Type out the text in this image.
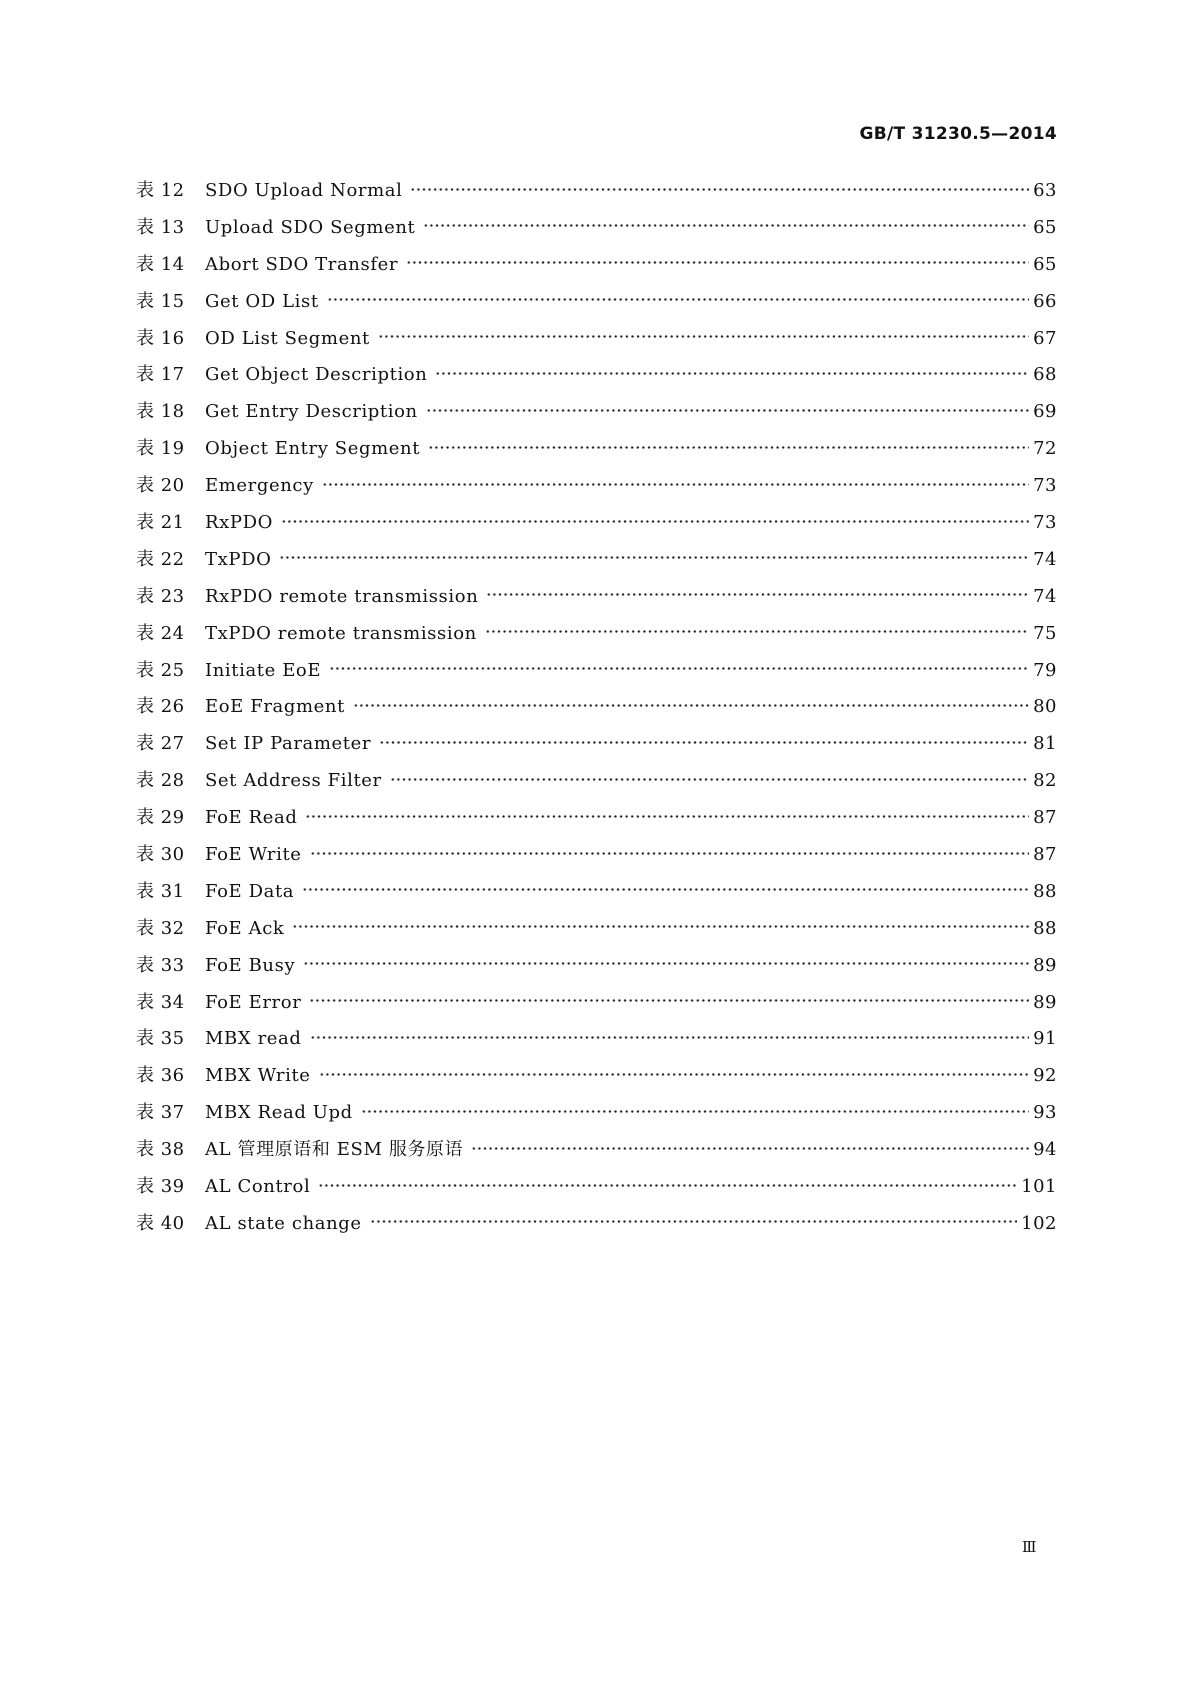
GB/T 31230.5—2014
表 12	SDO Upload Normal	63
表 13	Upload SDO Segment	65
表 14	Abort SDO Transfer	65
表 15	Get OD List	66
表 16	OD List Segment	67
表 17	Get Object Description	68
表 18	Get Entry Description	69
表 19	Object Entry Segment	72
表 20	Emergency	73
表 21	RxPDO	73
表 22	TxPDO	74
表 23	RxPDO remote transmission	74
表 24	TxPDO remote transmission	75
表 25	Initiate EoE	79
表 26	EoE Fragment	80
表 27	Set IP Parameter	81
表 28	Set Address Filter	82
表 29	FoE Read	87
表 30	FoE Write	87
表 31	FoE Data	88
表 32	FoE Ack	88
表 33	FoE Busy	89
表 34	FoE Error	89
表 35	MBX read	91
表 36	MBX Write	92
表 37	MBX Read Upd	93
表 38	AL 管理原语和 ESM 服务原语	94
表 39	AL Control	101
表 40	AL state change	102
Ⅲ
